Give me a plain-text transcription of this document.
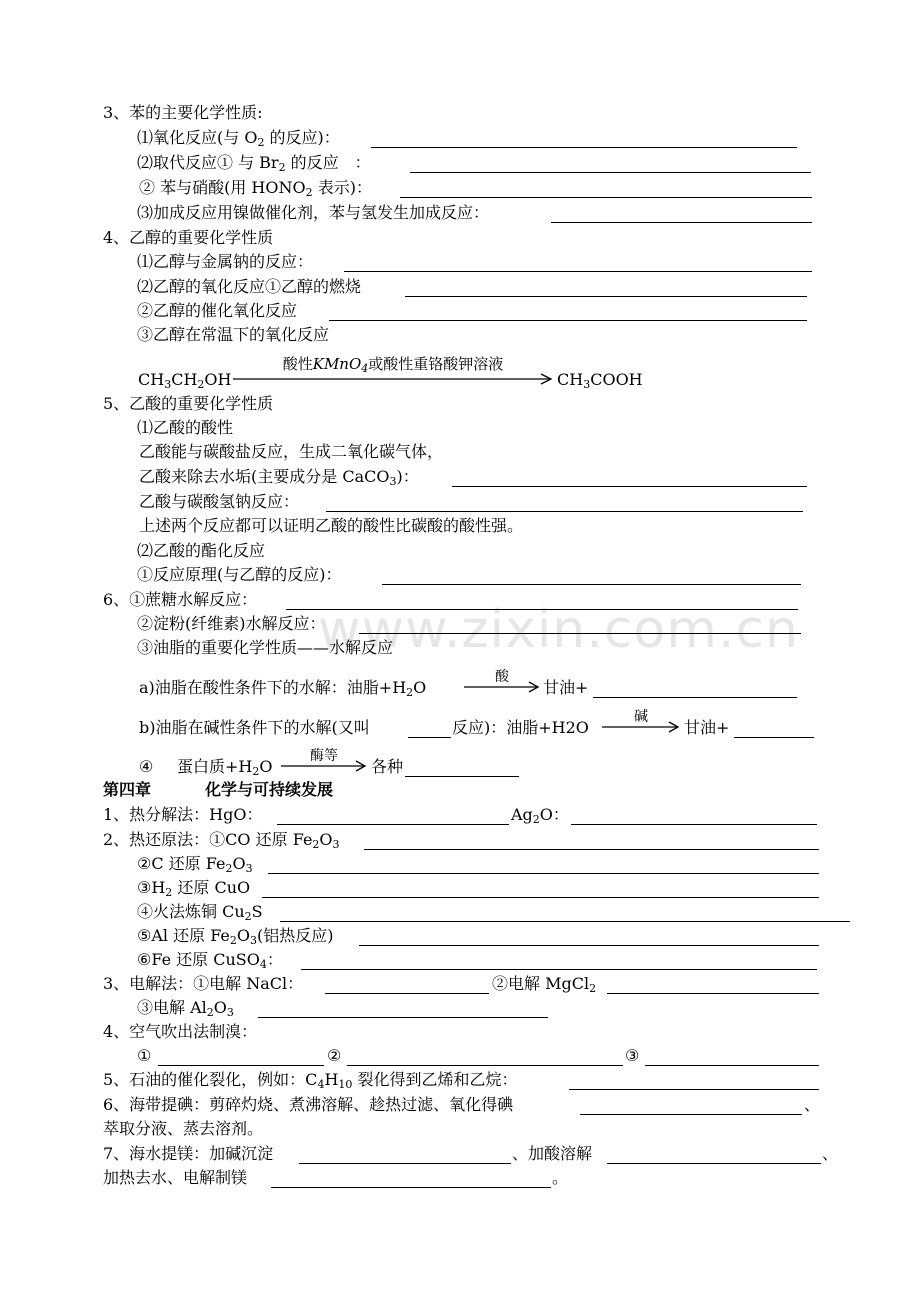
www.zixin.com.cn
3、苯的主要化学性质:
⑴氧化反应(与 $O_2$ 的反应)：
⑵取代反应① 与 $Br_2$ 的反应　：
② 苯与硝酸(用 $HONO_2$ 表示)：
⑶加成反应用镍做催化剂，苯与氢发生加成反应：
4、乙醇的重要化学性质
⑴乙醇与金属钠的反应：
⑵乙醇的氧化反应①乙醇的燃烧
②乙醇的催化氧化反应
③乙醇在常温下的氧化反应
$CH_3CH_2OH$
酸性KMnO$_4$或酸性重铬酸钾溶液
$CH_3COOH$
5、乙酸的重要化学性质
⑴乙酸的酸性
乙酸能与碳酸盐反应，生成二氧化碳气体，
乙酸来除去水垢(主要成分是 CaCO$_3$)：
乙酸与碳酸氢钠反应：
上述两个反应都可以证明乙酸的酸性比碳酸的酸性强。
⑵乙酸的酯化反应
①反应原理(与乙醇的反应)：
6、①蔗糖水解反应：
②淀粉(纤维素)水解反应：
③油脂的重要化学性质——水解反应
a)油脂在酸性条件下的水解：油脂$+H_2O$
酸
甘油+
b)油脂在碱性条件下的水解(又叫	反应)：油脂+H2O
碱
甘油+
④ 蛋白质$+H_2O$
酶等
各种
第四章	化学与可持续发展
1、热分解法：HgO：	$Ag_2O$：
2、热还原法：①CO 还原 $Fe_2O_3$
②C 还原 $Fe_2O_3$
$③H_2$ 还原 CuO
④火法炼铜 $Cu_2S$
⑤Al 还原 $Fe_2O_3$(铝热反应)
⑥Fe 还原 CuSO$_4$：
3、电解法：①电解 NaCl：	②电解 MgCl$_2$
③电解 $Al_2O_3$
4、空气吹出法制溴：
①	②	③
5、石油的催化裂化，例如：$C_4H_{10}$ 裂化得到乙烯和乙烷：
6、海带提碘：剪碎灼烧、煮沸溶解、趁热过滤、氧化得碘	、
萃取分液、蒸去溶剂。
7、海水提镁：加碱沉淀	、加酸溶解	、
加热去水、电解制镁	。
